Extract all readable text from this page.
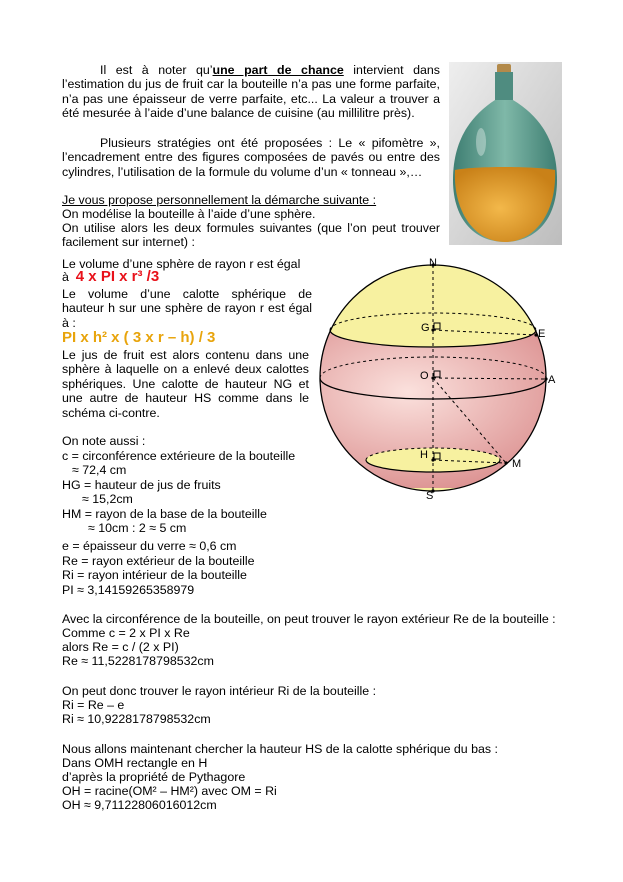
Il est à noter qu’une part de chance intervient dans l’estimation du jus de fruit car la bouteille n’a pas une forme parfaite, n’a pas une épaisseur de verre parfaite, etc... La valeur a trouver a été mesurée à l’aide d’une balance de cuisine (au millilitre près).
Plusieurs stratégies ont été proposées : Le « pifomètre », l’encadrement entre des figures composées de pavés ou entre des cylindres, l’utilisation de la formule du volume d’un « tonneau »,…
Je vous propose personnellement la démarche suivante :
On modélise la bouteille à l’aide d’une sphère.
On utilise alors les deux formules suivantes (que l’on peut trouver facilement sur internet) :
Le volume d’une sphère de rayon r est égal
à 4 x PI x r³ /3
Le volume d’une calotte sphérique de hauteur h sur une sphère de rayon r est égal à :
PI x h² x ( 3 x r – h) / 3
Le jus de fruit est alors contenu dans une sphère à laquelle on a enlevé deux calottes sphériques. Une calotte de hauteur NG et une autre de hauteur HS comme dans le schéma ci-contre.
On note aussi :
c = circonférence extérieure de la bouteille
≈ 72,4 cm
HG = hauteur de jus de fruits
≈ 15,2cm
HM = rayon de la base de la bouteille
≈ 10cm : 2 ≈ 5 cm
e = épaisseur du verre ≈ 0,6 cm
Re = rayon extérieur de la bouteille
Ri = rayon intérieur de la bouteille
PI ≈ 3,14159265358979
N
G	E
O	A
H
M
S
Avec la circonférence de la bouteille, on peut trouver le rayon extérieur Re de la bouteille :
Comme c = 2 x PI x Re
alors Re = c / (2 x PI)
Re ≈ 11,5228178798532cm
On peut donc trouver le rayon intérieur Ri de la bouteille :
Ri = Re – e
Ri ≈ 10,9228178798532cm
Nous allons maintenant chercher la hauteur HS de la calotte sphérique du bas :
Dans OMH rectangle en H
d’après la propriété de Pythagore
OH = racine(OM² – HM²) avec OM = Ri
OH ≈ 9,71122806016012cm
